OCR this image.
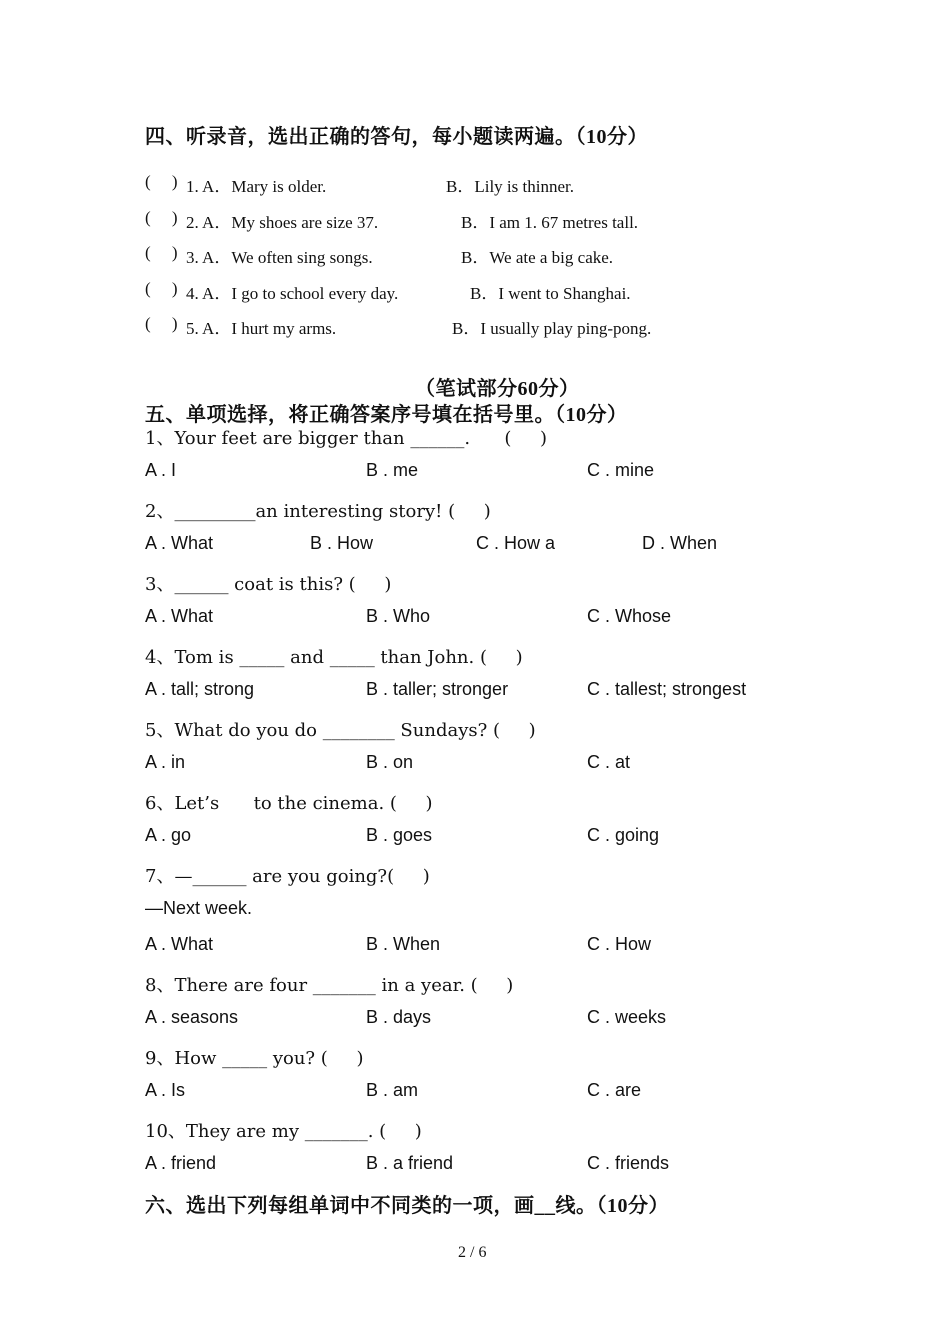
四、听录音，选出正确的答句，每小题读两遍。（10分）
(     ) 1. A．Mary is older.	B．Lily is thinner.
(     ) 2. A．My shoes are size 37.	B．I am 1. 67 metres tall.
(     ) 3. A．We often sing songs.	B．We ate a big cake.
(     ) 4. A．I go to school every day.	B．I went to Shanghai.
(     ) 5. A．I hurt my arms.	B．I usually play ping-pong.
（笔试部分60分）
五、单项选择，将正确答案序号填在括号里。（10分）
1、Your feet are bigger than ______.      (     )
A . I	B . me	C . mine
2、_________an interesting story! (     )
A . What	B . How	C . How a	D . When
3、______ coat is this? (     )
A . What	B . Who	C . Whose
4、Tom is _____ and _____ than John. (     )
A . tall; strong	B . taller; stronger	C . tallest; strongest
5、What do you do ________ Sundays? (     )
A . in	B . on	C . at
6、Let’s      to the cinema. (     )
A . go	B . goes	C . going
7、—______ are you going?(     )
—Next week.
A . What	B . When	C . How
8、There are four _______ in a year. (     )
A . seasons	B . days	C . weeks
9、How _____ you? (     )
A . Is	B . am	C . are
10、They are my _______. (     )
A . friend	B . a friend	C . friends
六、选出下列每组单词中不同类的一项，画__线。（10分）
2 / 6
